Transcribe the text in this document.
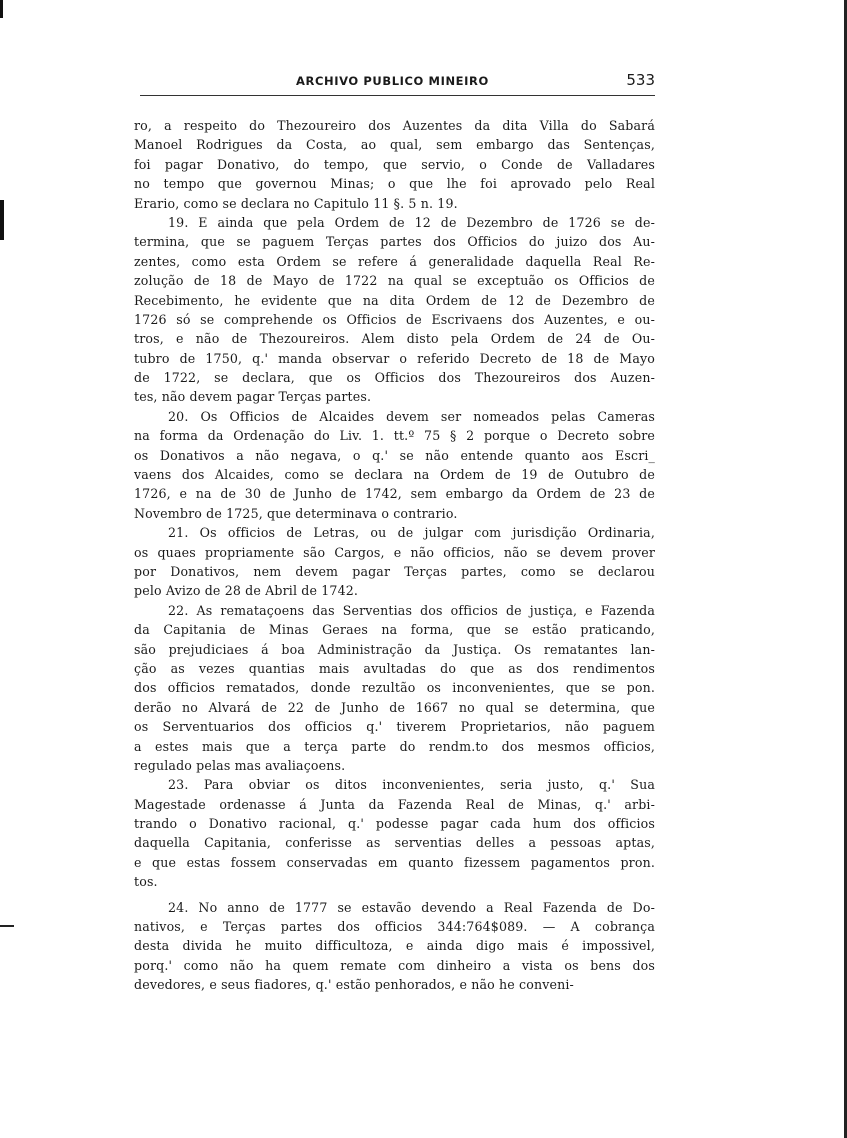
ARCHIVO PUBLICO MINEIRO	533
ro, a respeito do Thezoureiro dos Auzentes da dita Villa do Sabará
Manoel Rodrigues da Costa, ao qual, sem embargo das Sentenças,
foi pagar Donativo, do tempo, que servio, o Conde de Valladares
no tempo que governou Minas; o que lhe foi aprovado pelo Real
Erario, como se declara no Capitulo 11 §. 5 n. 19.
19. E ainda que pela Ordem de 12 de Dezembro de 1726 se de-
termina, que se paguem Terças partes dos Officios do juizo dos Au-
zentes, como esta Ordem se refere á generalidade daquella Real Re-
zolução de 18 de Mayo de 1722 na qual se exceptuão os Officios de
Recebimento, he evidente que na dita Ordem de 12 de Dezembro de
1726 só se comprehende os Officios de Escrivaens dos Auzentes, e ou-
tros, e não de Thezoureiros. Alem disto pela Ordem de 24 de Ou-
tubro de 1750, q.' manda observar o referido Decreto de 18 de Mayo
de 1722, se declara, que os Officios dos Thezoureiros dos Auzen-
tes, não devem pagar Terças partes.
20. Os Officios de Alcaides devem ser nomeados pelas Cameras
na forma da Ordenação do Liv. 1. tt.º 75 § 2 porque o Decreto sobre
os Donativos a não negava, o q.' se não entende quanto aos Escri_
vaens dos Alcaides, como se declara na Ordem de 19 de Outubro de
1726, e na de 30 de Junho de 1742, sem embargo da Ordem de 23 de
Novembro de 1725, que determinava o contrario.
21. Os officios de Letras, ou de julgar com jurisdição Ordinaria,
os quaes propriamente são Cargos, e não officios, não se devem prover
por Donativos, nem devem pagar Terças partes, como se declarou
pelo Avizo de 28 de Abril de 1742.
22. As remataçoens das Serventias dos officios de justiça, e Fazenda
da Capitania de Minas Geraes na forma, que se estão praticando,
são prejudiciaes á boa Administração da Justiça. Os rematantes lan-
ção as vezes quantias mais avultadas do que as dos rendimentos
dos officios rematados, donde rezultão os inconvenientes, que se pon.
derão no Alvará de 22 de Junho de 1667 no qual se determina, que
os Serventuarios dos officios q.' tiverem Proprietarios, não paguem
a estes mais que a terça parte do rendm.to dos mesmos officios,
regulado pelas mas avaliaçoens.
23. Para obviar os ditos inconvenientes, seria justo, q.' Sua
Magestade ordenasse á Junta da Fazenda Real de Minas, q.' arbi-
trando o Donativo racional, q.' podesse pagar cada hum dos officios
daquella Capitania, conferisse as serventias delles a pessoas aptas,
e que estas fossem conservadas em quanto fizessem pagamentos pron.
tos.
24. No anno de 1777 se estavão devendo a Real Fazenda de Do-
nativos, e Terças partes dos officios 344:764$089. — A cobrança
desta divida he muito difficultoza, e ainda digo mais é impossivel,
porq.' como não ha quem remate com dinheiro a vista os bens dos
devedores, e seus fiadores, q.' estão penhorados, e não he conveni-
